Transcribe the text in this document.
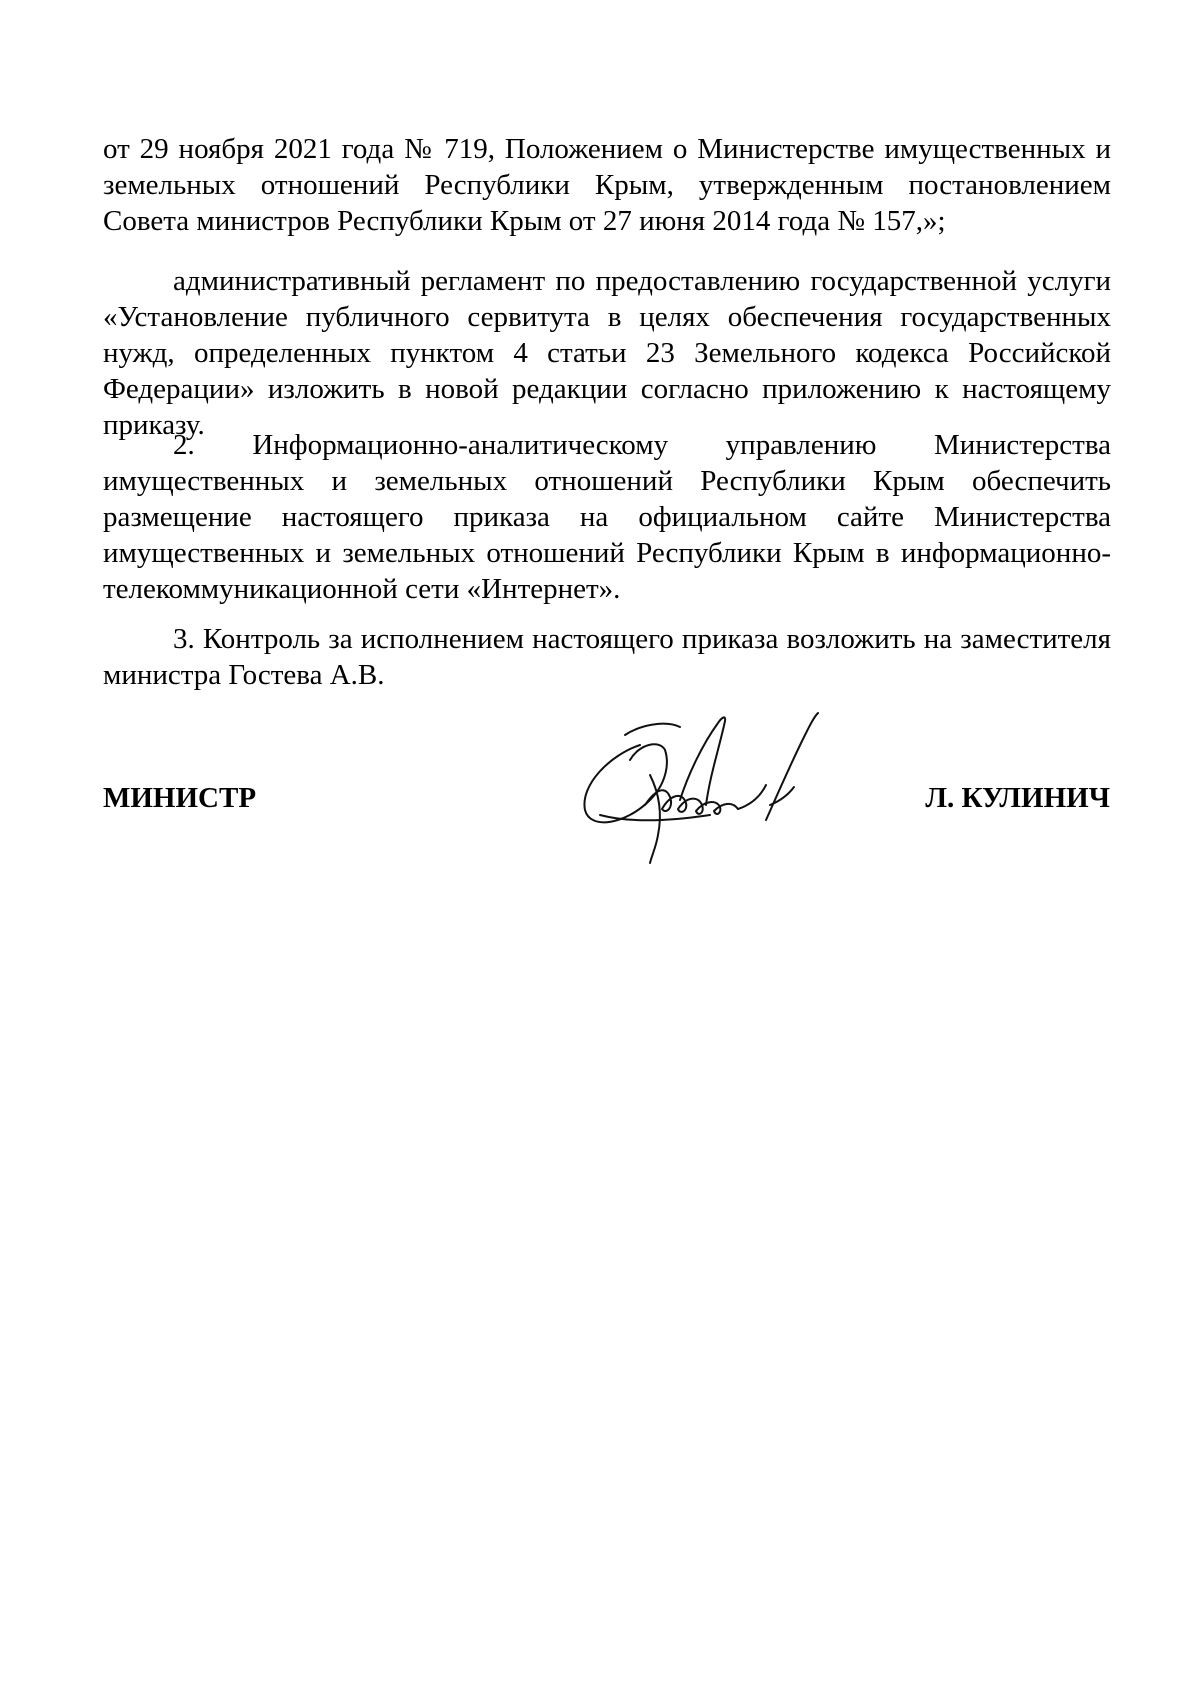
от 29 ноября 2021 года № 719, Положением о Министерстве имущественных и земельных отношений Республики Крым, утвержденным постановлением Совета министров Республики Крым от 27 июня 2014 года № 157,»;

административный регламент по предоставлению государственной услуги «Установление публичного сервитута в целях обеспечения государственных нужд, определенных пунктом 4 статьи 23 Земельного кодекса Российской Федерации» изложить в новой редакции согласно приложению к настоящему приказу.

2. Информационно-аналитическому управлению Министерства имущественных и земельных отношений Республики Крым обеспечить размещение настоящего приказа на официальном сайте Министерства имущественных и земельных отношений Республики Крым в информационно-телекоммуникационной сети «Интернет».

3. Контроль за исполнением настоящего приказа возложить на заместителя министра Гостева А.В.

МИНИСТР	Л. КУЛИНИЧ
